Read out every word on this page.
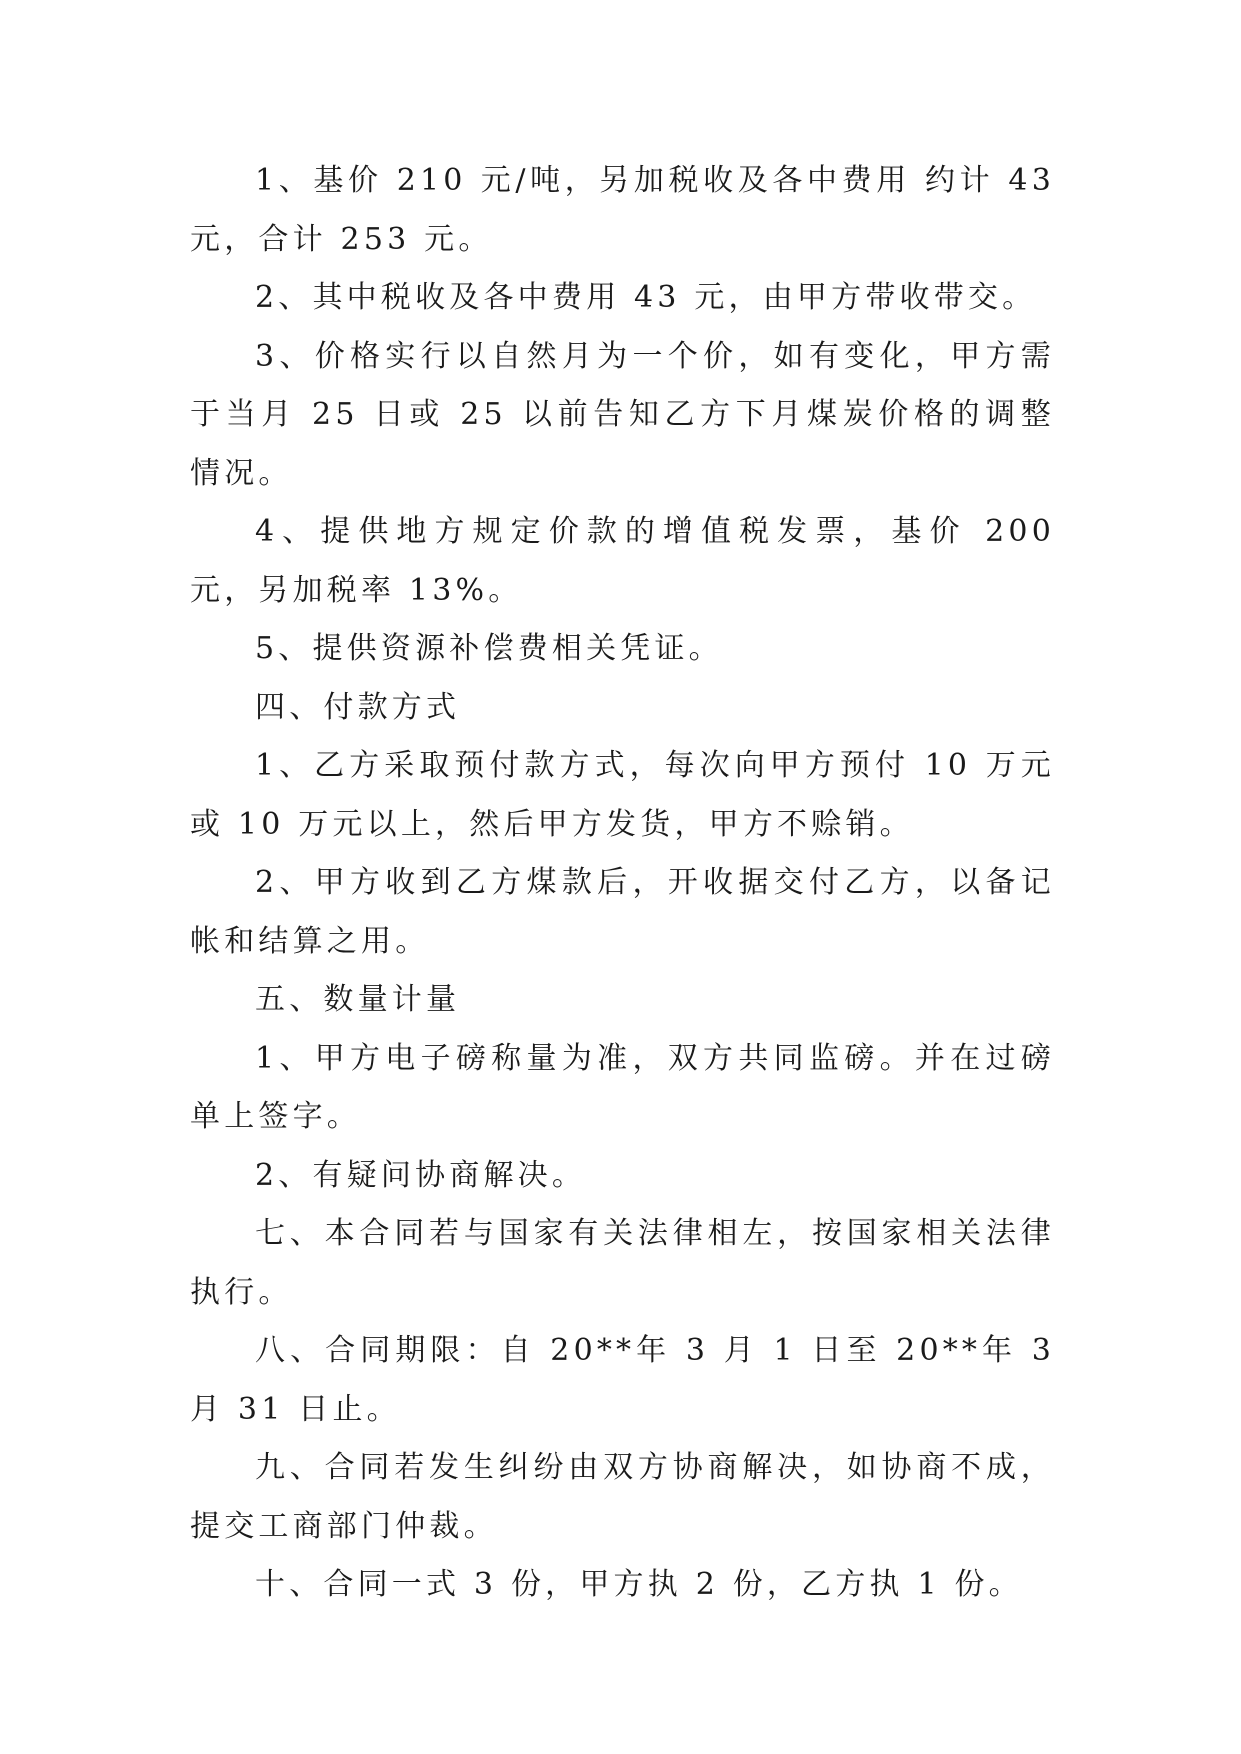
1、基价 210 元/吨，另加税收及各中费用 约计 43 元，合计 253 元。

2、其中税收及各中费用 43 元，由甲方带收带交。

3、价格实行以自然月为一个价，如有变化，甲方需于当月 25 日或 25 以前告知乙方下月煤炭价格的调整情况。

4、提供地方规定价款的增值税发票，基价 200 元，另加税率 13%。

5、提供资源补偿费相关凭证。

四、付款方式

1、乙方采取预付款方式，每次向甲方预付 10 万元或 10 万元以上，然后甲方发货，甲方不赊销。

2、甲方收到乙方煤款后，开收据交付乙方，以备记帐和结算之用。

五、数量计量

1、甲方电子磅称量为准，双方共同监磅。并在过磅单上签字。

2、有疑问协商解决。

七、本合同若与国家有关法律相左，按国家相关法律执行。

八、合同期限：自 20**年 3 月 1 日至 20**年 3 月 31 日止。

九、合同若发生纠纷由双方协商解决，如协商不成，提交工商部门仲裁。

十、合同一式 3 份，甲方执 2 份，乙方执 1 份。
